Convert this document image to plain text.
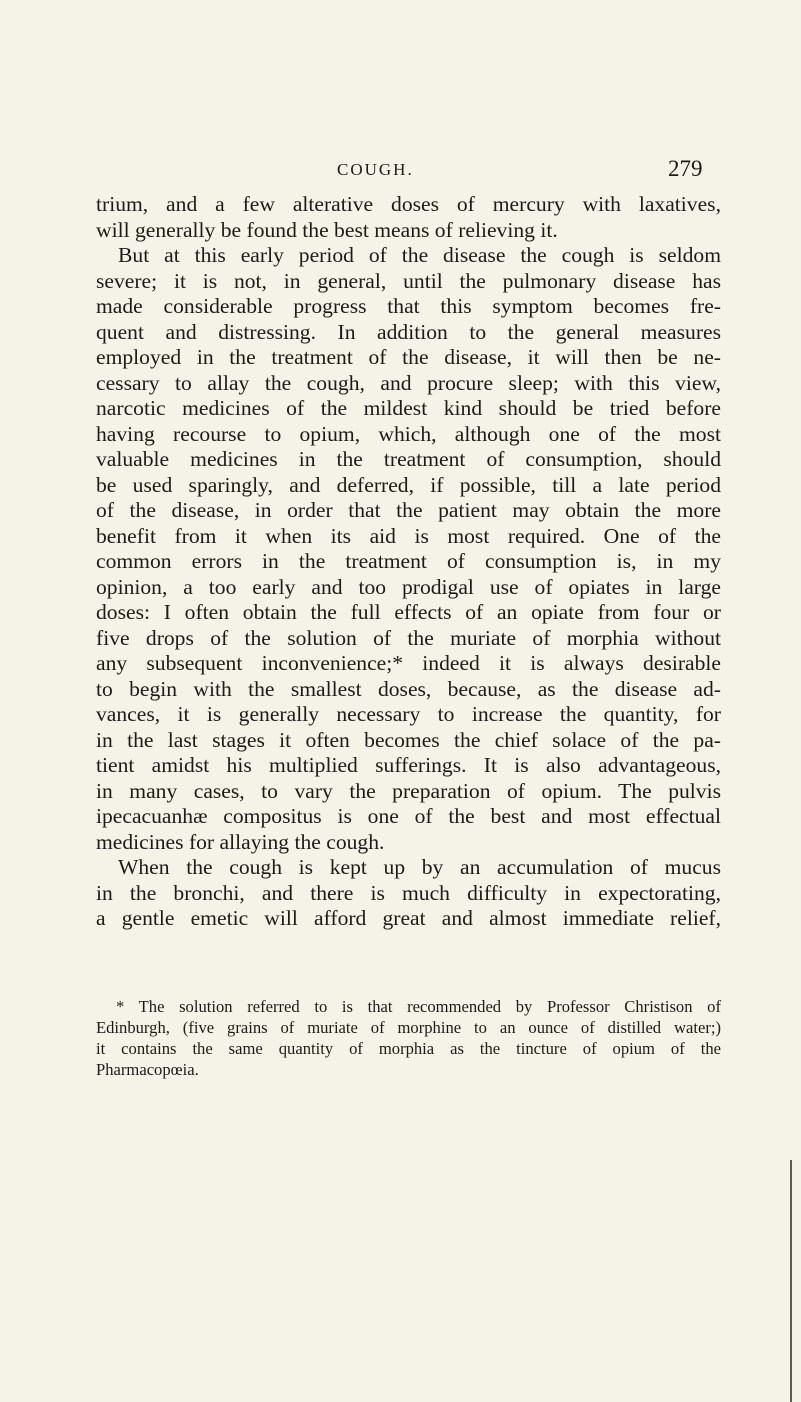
COUGH.	279
trium, and a few alterative doses of mercury with laxatives,
will generally be found the best means of relieving it.
But at this early period of the disease the cough is seldom
severe; it is not, in general, until the pulmonary disease has
made considerable progress that this symptom becomes fre-
quent and distressing. In addition to the general measures
employed in the treatment of the disease, it will then be ne-
cessary to allay the cough, and procure sleep; with this view,
narcotic medicines of the mildest kind should be tried before
having recourse to opium, which, although one of the most
valuable medicines in the treatment of consumption, should
be used sparingly, and deferred, if possible, till a late period
of the disease, in order that the patient may obtain the more
benefit from it when its aid is most required. One of the
common errors in the treatment of consumption is, in my
opinion, a too early and too prodigal use of opiates in large
doses: I often obtain the full effects of an opiate from four or
five drops of the solution of the muriate of morphia without
any subsequent inconvenience;* indeed it is always desirable
to begin with the smallest doses, because, as the disease ad-
vances, it is generally necessary to increase the quantity, for
in the last stages it often becomes the chief solace of the pa-
tient amidst his multiplied sufferings. It is also advantageous,
in many cases, to vary the preparation of opium. The pulvis
ipecacuanhæ compositus is one of the best and most effectual
medicines for allaying the cough.
When the cough is kept up by an accumulation of mucus
in the bronchi, and there is much difficulty in expectorating,
a gentle emetic will afford great and almost immediate relief,
* The solution referred to is that recommended by Professor Christison of
Edinburgh, (five grains of muriate of morphine to an ounce of distilled water;)
it contains the same quantity of morphia as the tincture of opium of the
Pharmacopœia.
